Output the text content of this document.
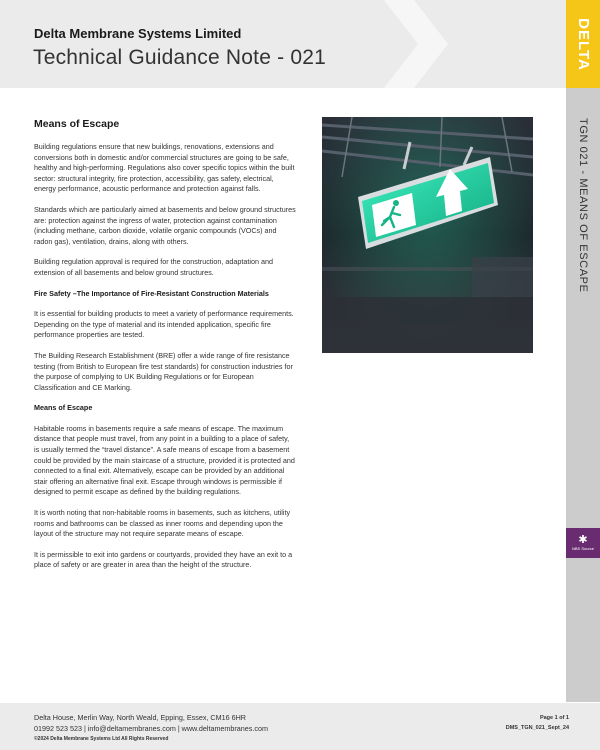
Delta Membrane Systems Limited
Technical Guidance Note - 021	DELTA
TGN 021 - MEANS OF ESCAPE
✱
NBS Source
Means of Escape

Building regulations ensure that new buildings, renovations, extensions and conversions both in domestic and/or commercial structures are going to be safe, healthy and high-performing. Regulations also cover specific topics within the built sector: structural integrity, fire protection, accessibility, gas safety, electrical, energy performance, acoustic performance and protection against falls.

Standards which are particularly aimed at basements and below ground structures are: protection against the ingress of water, protection against contamination (including methane, carbon dioxide, volatile organic compounds (VOCs) and radon gas), ventilation, drains, along with others.

Building regulation approval is required for the construction, adaptation and extension of all basements and below ground structures.

Fire Safety –The Importance of Fire-Resistant Construction Materials

It is essential for building products to meet a variety of performance requirements. Depending on the type of material and its intended application, specific fire performance properties are tested.

The Building Research Establishment (BRE) offer a wide range of fire resistance testing (from British to European fire test standards) for construction industries for the purpose of complying to UK Building Regulations or for European Classification and CE Marking.

Means of Escape

Habitable rooms in basements require a safe means of escape. The maximum distance that people must travel, from any point in a building to a place of safety, is usually termed the “travel distance”. A safe means of escape from a basement could be provided by the main staircase of a structure, provided it is protected and connected to a final exit. Alternatively, escape can be provided by an additional stair offering an alternative final exit. Escape through windows is permissible if designed to permit escape as defined by the building regulations.

It is worth noting that non-habitable rooms in basements, such as kitchens, utility rooms and bathrooms can be classed as inner rooms and depending upon the layout of the structure may not require separate means of escape.

It is permissible to exit into gardens or courtyards, provided they have an exit to a place of safety or are greater in area than the height of the structure.

Delta House, Merlin Way, North Weald, Epping, Essex, CM16 6HR
01992 523 523 | info@deltamembranes.com | www.deltamembranes.com
©2024 Delta Membrane Systems Ltd All Rights Reserved
Page 1 of 1
DMS_TGN_021_Sept_24
